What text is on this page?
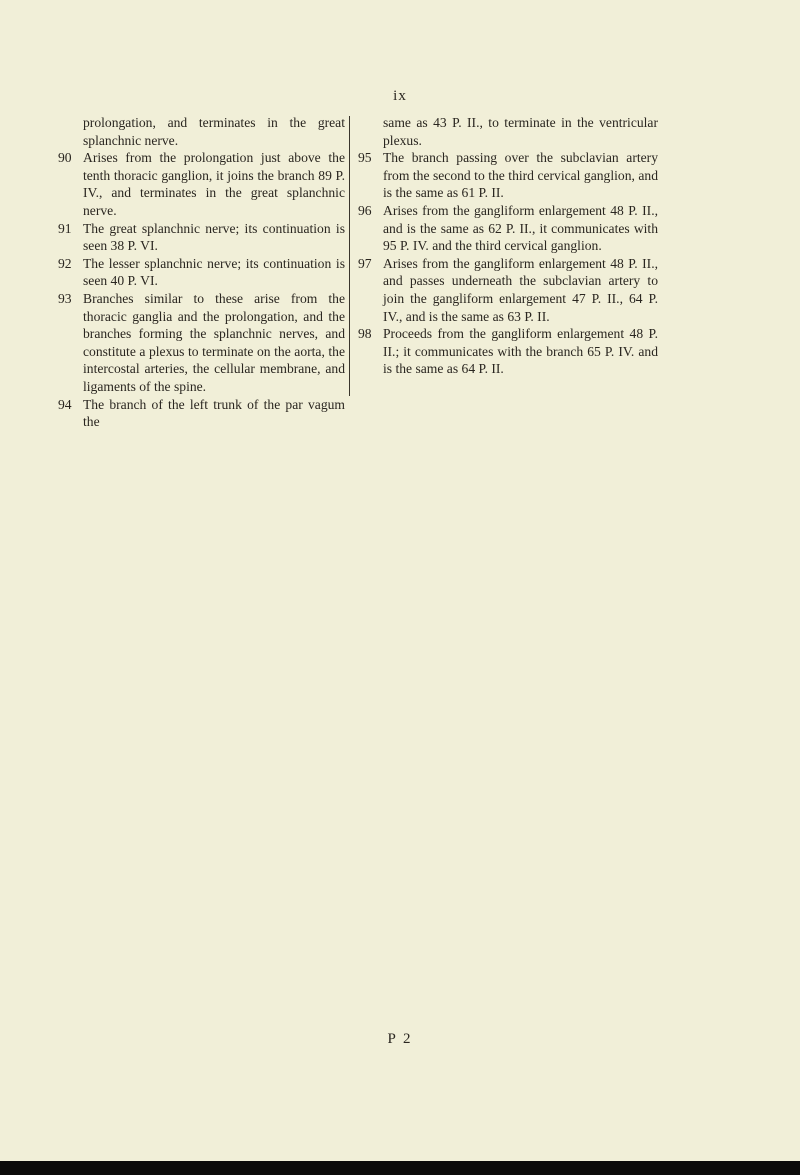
ix
prolongation, and terminates in the great splanchnic nerve.
90 Arises from the prolongation just above the tenth thoracic ganglion, it joins the branch 89 P. IV., and terminates in the great splanchnic nerve.
91 The great splanchnic nerve; its continuation is seen 38 P. VI.
92 The lesser splanchnic nerve; its continuation is seen 40 P. VI.
93 Branches similar to these arise from the thoracic ganglia and the prolongation, and the branches forming the splanchnic nerves, and constitute a plexus to terminate on the aorta, the intercostal arteries, the cellular membrane, and ligaments of the spine.
94 The branch of the left trunk of the par vagum the
same as 43 P. II., to terminate in the ventricular plexus.
95 The branch passing over the subclavian artery from the second to the third cervical ganglion, and is the same as 61 P. II.
96 Arises from the gangliform enlargement 48 P. II., and is the same as 62 P. II., it communicates with 95 P. IV. and the third cervical ganglion.
97 Arises from the gangliform enlargement 48 P. II., and passes underneath the subclavian artery to join the gangliform enlargement 47 P. II., 64 P. IV., and is the same as 63 P. II.
98 Proceeds from the gangliform enlargement 48 P. II.; it communicates with the branch 65 P. IV. and is the same as 64 P. II.
P 2
